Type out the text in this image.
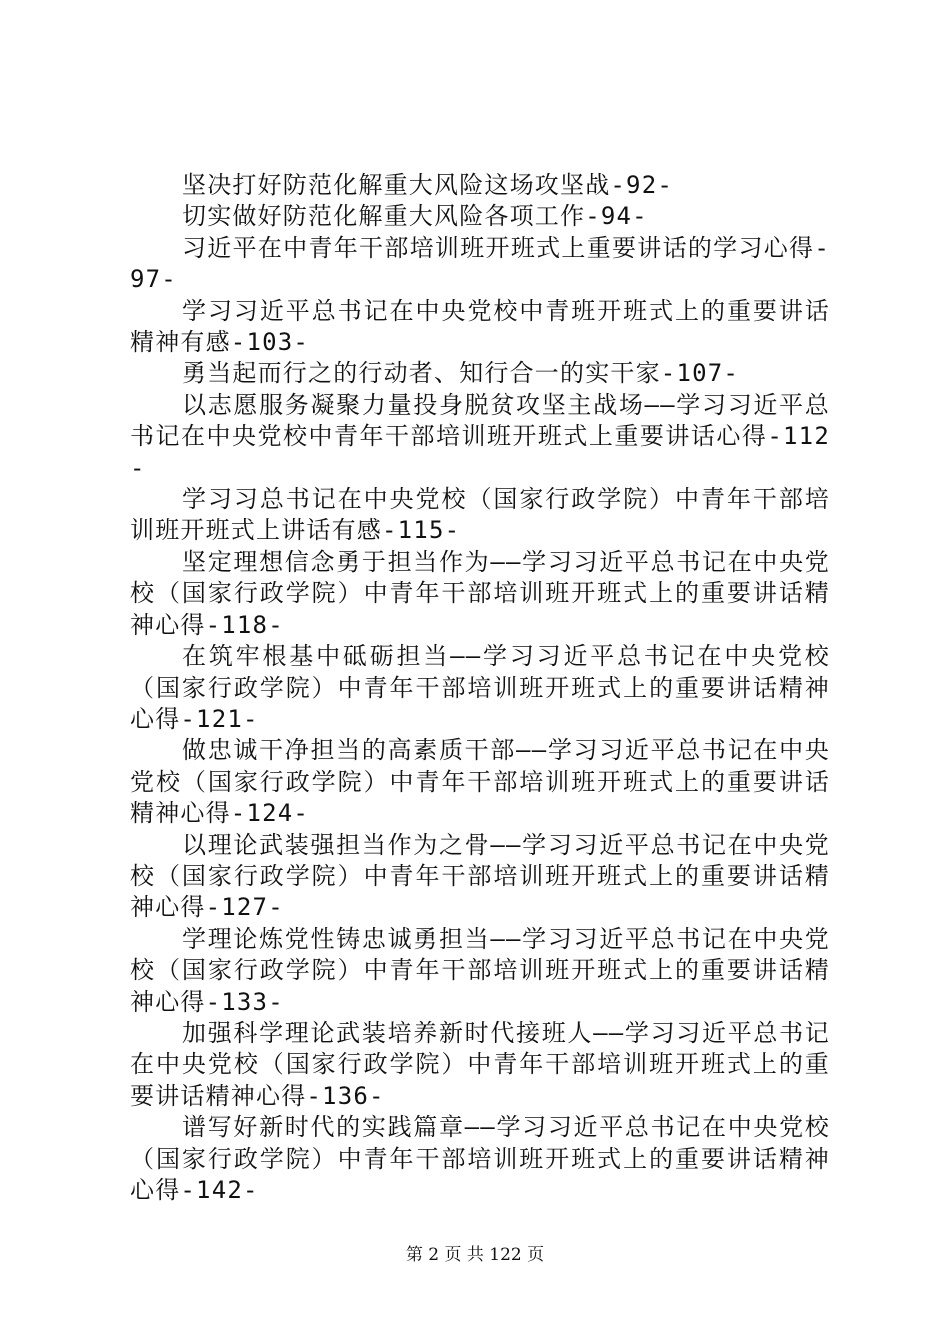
坚决打好防范化解重大风险这场攻坚战-92-
切实做好防范化解重大风险各项工作-94-
习近平在中青年干部培训班开班式上重要讲话的学习心得-97-
学习习近平总书记在中央党校中青班开班式上的重要讲话精神有感-103-
勇当起而行之的行动者、知行合一的实干家-107-
以志愿服务凝聚力量投身脱贫攻坚主战场——学习习近平总书记在中央党校中青年干部培训班开班式上重要讲话心得-112-
学习习总书记在中央党校（国家行政学院）中青年干部培训班开班式上讲话有感-115-
坚定理想信念勇于担当作为——学习习近平总书记在中央党校（国家行政学院）中青年干部培训班开班式上的重要讲话精神心得-118-
在筑牢根基中砥砺担当——学习习近平总书记在中央党校（国家行政学院）中青年干部培训班开班式上的重要讲话精神心得-121-
做忠诚干净担当的高素质干部——学习习近平总书记在中央党校（国家行政学院）中青年干部培训班开班式上的重要讲话精神心得-124-
以理论武装强担当作为之骨——学习习近平总书记在中央党校（国家行政学院）中青年干部培训班开班式上的重要讲话精神心得-127-
学理论炼党性铸忠诚勇担当——学习习近平总书记在中央党校（国家行政学院）中青年干部培训班开班式上的重要讲话精神心得-133-
加强科学理论武装培养新时代接班人——学习习近平总书记在中央党校（国家行政学院）中青年干部培训班开班式上的重要讲话精神心得-136-
谱写好新时代的实践篇章——学习习近平总书记在中央党校（国家行政学院）中青年干部培训班开班式上的重要讲话精神心得-142-
第 2 页 共 122 页
